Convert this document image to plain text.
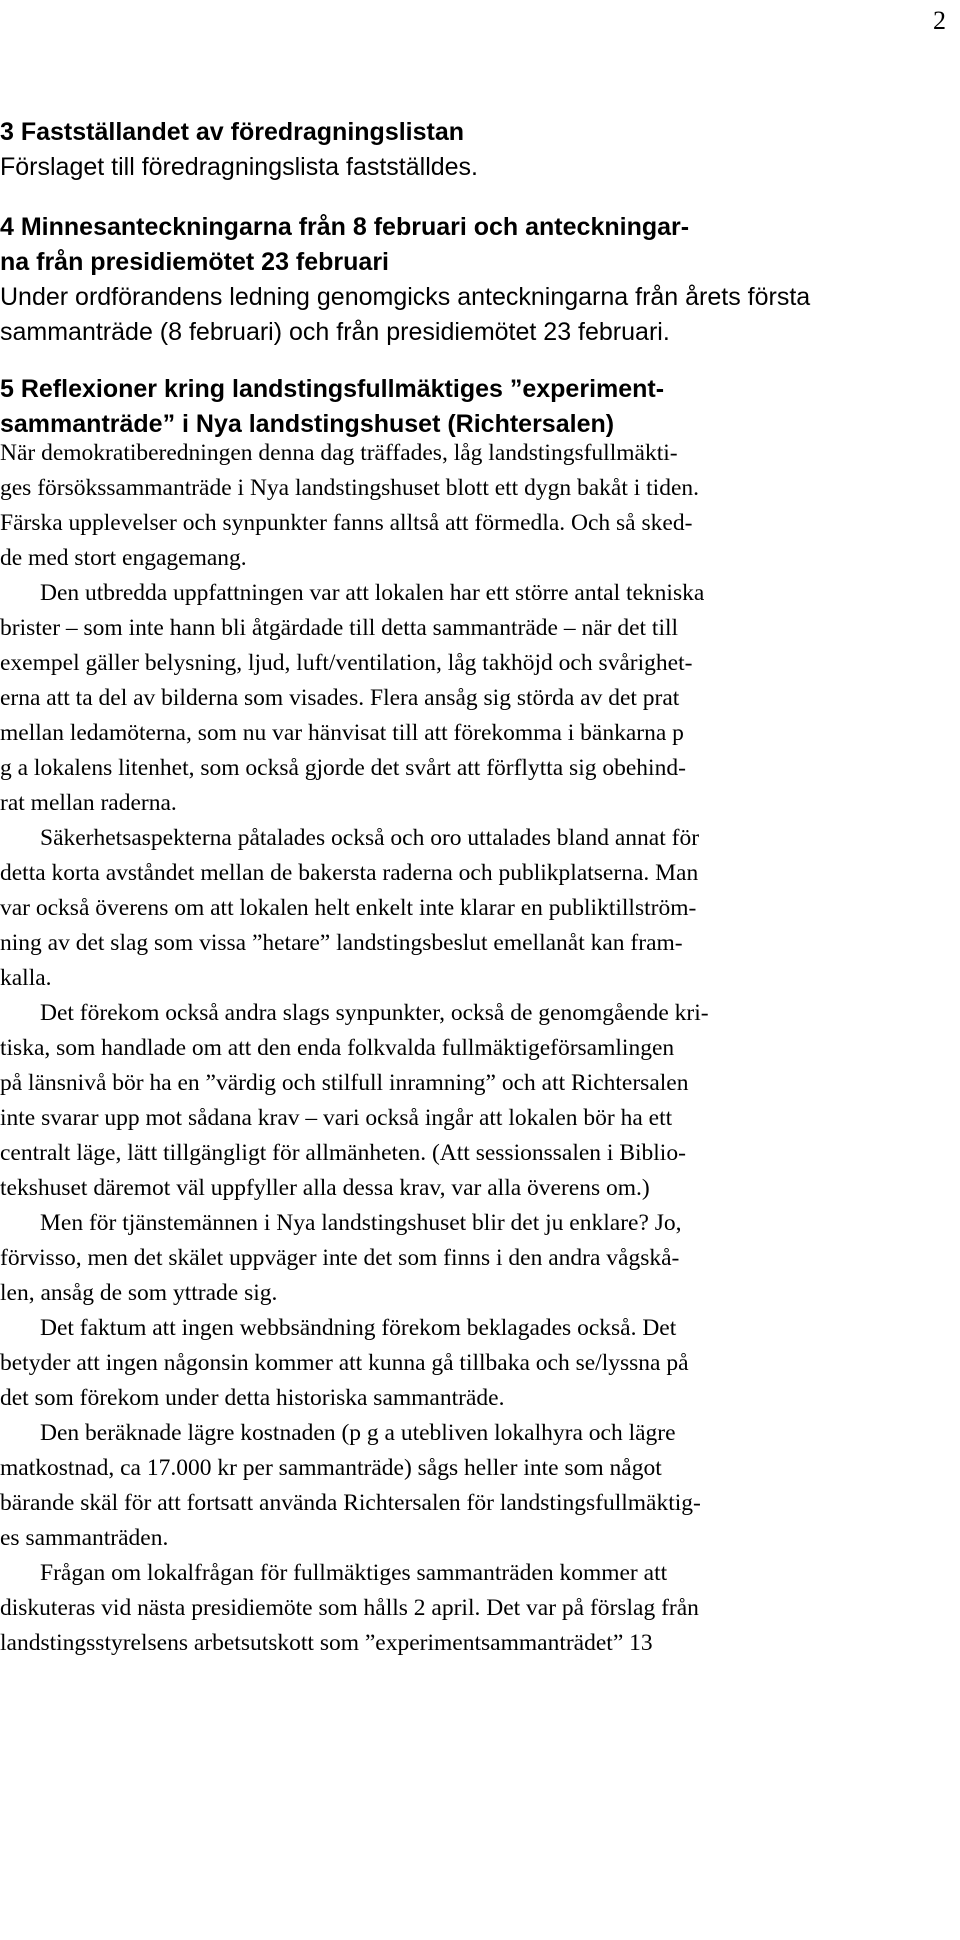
2
3 Fastställandet av föredragningslistan
Förslaget till föredragningslista fastställdes.
4 Minnesanteckningarna från 8 februari och anteckningar-
na från presidiemötet 23 februari
Under ordförandens ledning genomgicks anteckningarna från årets första
sammanträde (8 februari) och från presidiemötet 23 februari.
5 Reflexioner kring landstingsfullmäktiges ”experiment-
sammanträde” i Nya landstingshuset (Richtersalen)
När demokratiberedningen denna dag träffades, låg landstingsfullmäkti-
ges försökssammanträde i Nya landstingshuset blott ett dygn bakåt i tiden.
Färska upplevelser och synpunkter fanns alltså att förmedla. Och så sked-
de med stort engagemang.
Den utbredda uppfattningen var att lokalen har ett större antal tekniska
brister – som inte hann bli åtgärdade till detta sammanträde – när det till
exempel gäller belysning, ljud, luft/ventilation, låg takhöjd och svårighet-
erna att ta del av bilderna som visades. Flera ansåg sig störda av det prat
mellan ledamöterna, som nu var hänvisat till att förekomma i bänkarna p
g a lokalens litenhet, som också gjorde det svårt att förflytta sig obehind-
rat mellan raderna.
Säkerhetsaspekterna påtalades också och oro uttalades bland annat för
detta korta avståndet mellan de bakersta raderna och publikplatserna. Man
var också överens om att lokalen helt enkelt inte klarar en publiktillström-
ning av det slag som vissa ”hetare” landstingsbeslut emellanåt kan fram-
kalla.
Det förekom också andra slags synpunkter, också de genomgående kri-
tiska, som handlade om att den enda folkvalda fullmäktigeförsamlingen
på länsnivå bör ha en ”värdig och stilfull inramning” och att Richtersalen
inte svarar upp mot sådana krav – vari också ingår att lokalen bör ha ett
centralt läge, lätt tillgängligt för allmänheten. (Att sessionssalen i Biblio-
tekshuset däremot väl uppfyller alla dessa krav, var alla överens om.)
Men för tjänstemännen i Nya landstingshuset blir det ju enklare? Jo,
förvisso, men det skälet uppväger inte det som finns i den andra vågskå-
len, ansåg de som yttrade sig.
Det faktum att ingen webbsändning förekom beklagades också. Det
betyder att ingen någonsin kommer att kunna gå tillbaka och se/lyssna på
det som förekom under detta historiska sammanträde.
Den beräknade lägre kostnaden (p g a utebliven lokalhyra och lägre
matkostnad, ca 17.000 kr per sammanträde) sågs heller inte som något
bärande skäl för att fortsatt använda Richtersalen för landstingsfullmäktig-
es sammanträden.
Frågan om lokalfrågan för fullmäktiges sammanträden kommer att
diskuteras vid nästa presidiemöte som hålls 2 april. Det var på förslag från
landstingsstyrelsens arbetsutskott som ”experimentsammanträdet” 13
